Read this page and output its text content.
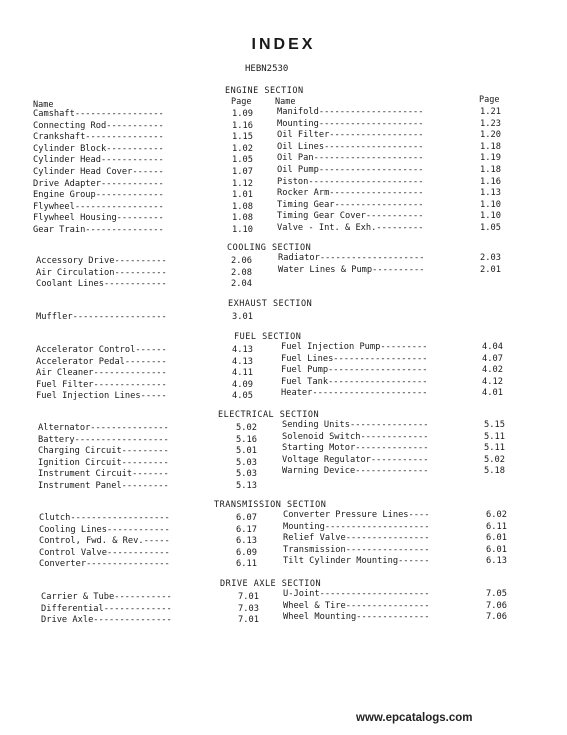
INDEX
HEBN2530
Name	Page	Name	Page
ENGINE SECTION
Camshaft-----------------	1.09
Connecting Rod-----------	1.16
Crankshaft---------------	1.15
Cylinder Block-----------	1.02
Cylinder Head------------	1.05
Cylinder Head Cover------	1.07
Drive Adapter------------	1.12
Engine Group-------------	1.01
Flywheel-----------------	1.08
Flywheel Housing---------	1.08
Gear Train---------------	1.10
Manifold--------------------	1.21
Mounting--------------------	1.23
Oil Filter------------------	1.20
Oil Lines-------------------	1.18
Oil Pan---------------------	1.19
Oil Pump--------------------	1.18
Piston----------------------	1.16
Rocker Arm------------------	1.13
Timing Gear-----------------	1.10
Timing Gear Cover-----------	1.10
Valve - Int. & Exh.---------	1.05
COOLING SECTION
Accessory Drive----------	2.06
Air Circulation----------	2.08
Coolant Lines------------	2.04
Radiator--------------------	2.03
Water Lines & Pump----------	2.01
EXHAUST SECTION
Muffler------------------	3.01
FUEL SECTION
Accelerator Control------	4.13
Accelerator Pedal--------	4.13
Air Cleaner--------------	4.11
Fuel Filter--------------	4.09
Fuel Injection Lines-----	4.05
Fuel Injection Pump---------	4.04
Fuel Lines------------------	4.07
Fuel Pump-------------------	4.02
Fuel Tank-------------------	4.12
Heater----------------------	4.01
ELECTRICAL SECTION
Alternator---------------	5.02
Battery------------------	5.16
Charging Circuit---------	5.01
Ignition Circuit---------	5.03
Instrument Circuit-------	5.03
Instrument Panel---------	5.13
Sending Units---------------	5.15
Solenoid Switch-------------	5.11
Starting Motor--------------	5.11
Voltage Regulator-----------	5.02
Warning Device--------------	5.18
TRANSMISSION SECTION
Clutch-------------------	6.07
Cooling Lines------------	6.17
Control, Fwd. & Rev.-----	6.13
Control Valve------------	6.09
Converter----------------	6.11
Converter Pressure Lines----	6.02
Mounting--------------------	6.11
Relief Valve----------------	6.01
Transmission----------------	6.01
Tilt Cylinder Mounting------	6.13
DRIVE AXLE SECTION
Carrier & Tube-----------	7.01
Differential-------------	7.03
Drive Axle---------------	7.01
U-Joint---------------------	7.05
Wheel & Tire----------------	7.06
Wheel Mounting--------------	7.06
www.epcatalogs.com
